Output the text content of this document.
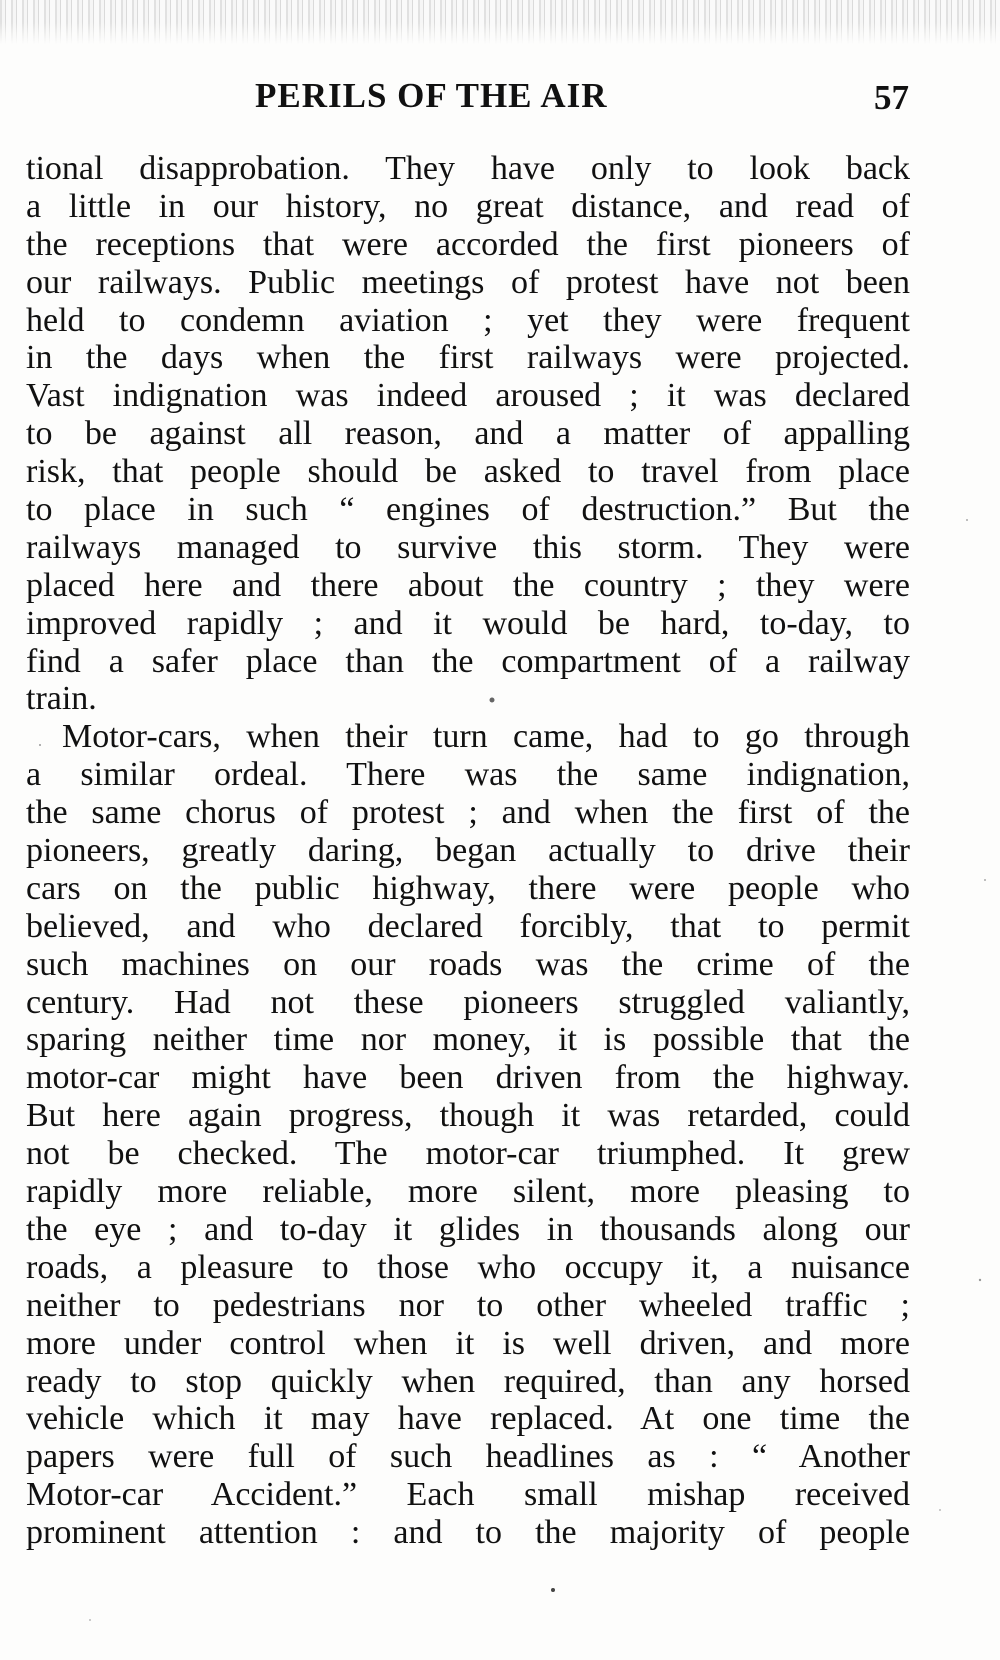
PERILS OF THE AIR	57
tional disapprobation. They have only to look back
a little in our history, no great distance, and read of
the receptions that were accorded the first pioneers of
our railways. Public meetings of protest have not been
held to condemn aviation ; yet they were frequent
in the days when the first railways were projected.
Vast indignation was indeed aroused ; it was declared
to be against all reason, and a matter of appalling
risk, that people should be asked to travel from place
to place in such “ engines of destruction.” But the
railways managed to survive this storm. They were
placed here and there about the country ; they were
improved rapidly ; and it would be hard, to-day, to
find a safer place than the compartment of a railway
train.
Motor-cars, when their turn came, had to go through
a similar ordeal. There was the same indignation,
the same chorus of protest ; and when the first of the
pioneers, greatly daring, began actually to drive their
cars on the public highway, there were people who
believed, and who declared forcibly, that to permit
such machines on our roads was the crime of the
century. Had not these pioneers struggled valiantly,
sparing neither time nor money, it is possible that the
motor-car might have been driven from the highway.
But here again progress, though it was retarded, could
not be checked. The motor-car triumphed. It grew
rapidly more reliable, more silent, more pleasing to
the eye ; and to-day it glides in thousands along our
roads, a pleasure to those who occupy it, a nuisance
neither to pedestrians nor to other wheeled traffic ;
more under control when it is well driven, and more
ready to stop quickly when required, than any horsed
vehicle which it may have replaced. At one time the
papers were full of such headlines as : “ Another
Motor-car Accident.” Each small mishap received
prominent attention : and to the majority of people
